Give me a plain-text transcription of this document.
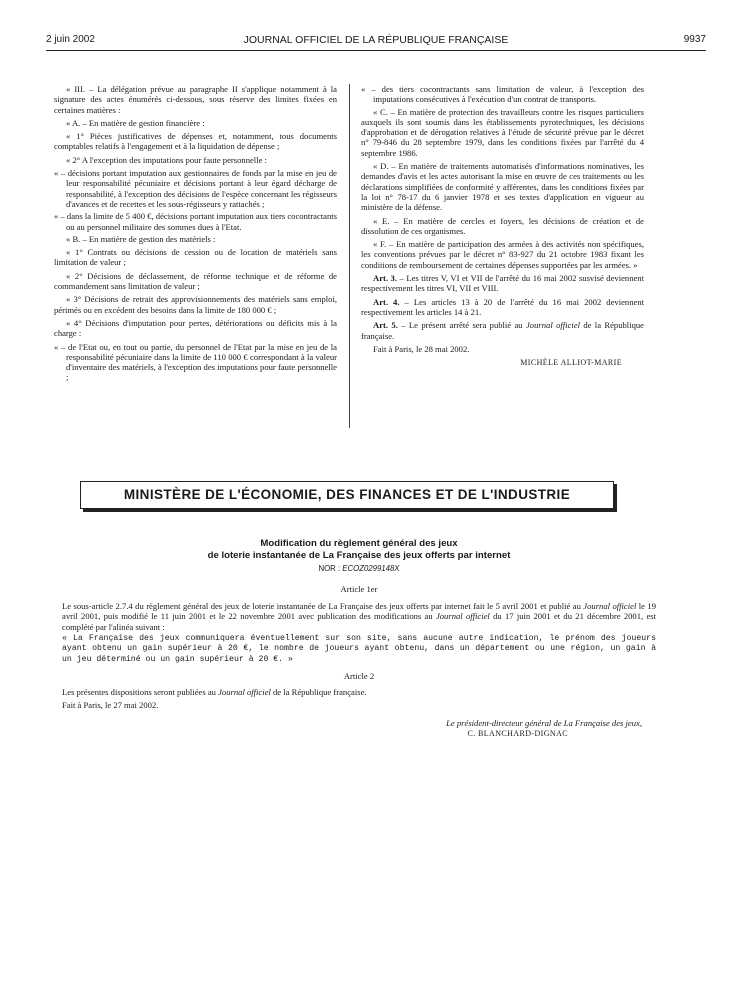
2 juin 2002	JOURNAL OFFICIEL DE LA RÉPUBLIQUE FRANÇAISE	9937

« III. – La délégation prévue au paragraphe II s'applique notamment à la signature des actes énumérés ci-dessous, sous réserve des limites fixées en certaines matières :

« A. – En matière de gestion financière :

« 1° Pièces justificatives de dépenses et, notamment, tous documents comptables relatifs à l'engagement et à la liquidation de dépense ;

« 2° A l'exception des imputations pour faute personnelle :

« – décisions portant imputation aux gestionnaires de fonds par la mise en jeu de leur responsabilité pécuniaire et décisions portant à leur égard décharge de responsabilité, à l'exception des décisions de l'espèce concernant les régisseurs d'avances et de recettes et les sous-régisseurs y rattachés ;

« – dans la limite de 5 400 €, décisions portant imputation aux tiers cocontractants ou au personnel militaire des sommes dues à l'Etat.

« B. – En matière de gestion des matériels :

« 1° Contrats ou décisions de cession ou de location de matériels sans limitation de valeur ;

« 2° Décisions de déclassement, de réforme technique et de réforme de commandement sans limitation de valeur ;

« 3° Décisions de retrait des approvisionnements des matériels sans emploi, périmés ou en excédent des besoins dans la limite de 180 000 € ;

« 4° Décisions d'imputation pour pertes, détériorations ou déficits mis à la charge :

« – de l'Etat ou, en tout ou partie, du personnel de l'Etat par la mise en jeu de la responsabilité pécuniaire dans la limite de 110 000 € correspondant à la valeur d'inventaire des matériels, à l'exception des imputations pour faute personnelle ;

« – des tiers cocontractants sans limitation de valeur, à l'exception des imputations consécutives à l'exécution d'un contrat de transports.

« C. – En matière de protection des travailleurs contre les risques particuliers auxquels ils sont soumis dans les établissements pyrotechniques, les décisions d'approbation et de dérogation relatives à l'étude de sécurité prévue par le décret n° 79-846 du 28 septembre 1979, dans les conditions fixées par l'arrêté du 4 septembre 1986.

« D. – En matière de traitements automatisés d'informations nominatives, les demandes d'avis et les actes autorisant la mise en œuvre de ces traitements ou les déclarations simplifiées de conformité y afférentes, dans les conditions fixées par la loi n° 78-17 du 6 janvier 1978 et ses textes d'application en vigueur au ministère de la défense.

« E. – En matière de cercles et foyers, les décisions de création et de dissolution de ces organismes.

« F. – En matière de participation des armées à des activités non spécifiques, les conventions prévues par le décret n° 83-927 du 21 octobre 1983 fixant les conditions de remboursement de certaines dépenses supportées par les armées. »

Art. 3. – Les titres V, VI et VII de l'arrêté du 16 mai 2002 susvisé deviennent respectivement les titres VI, VII et VIII.

Art. 4. – Les articles 13 à 20 de l'arrêté du 16 mai 2002 deviennent respectivement les articles 14 à 21.

Art. 5. – Le présent arrêté sera publié au Journal officiel de la République française.

Fait à Paris, le 28 mai 2002.

MICHÈLE ALLIOT-MARIE
MINISTÈRE DE L'ÉCONOMIE, DES FINANCES ET DE L'INDUSTRIE
Modification du règlement général des jeux
de loterie instantanée de La Française des jeux offerts par internet
NOR : ECOZ0299148X
Article 1er

Le sous-article 2.7.4 du règlement général des jeux de loterie instantanée de La Française des jeux offerts par internet fait le 5 avril 2001 et publié au Journal officiel le 19 avril 2001, puis modifié le 11 juin 2001 et le 22 novembre 2001 avec publication des modifications au Journal officiel du 17 juin 2001 et du 21 décembre 2001, est complété par l'alinéa suivant :

« La Française des jeux communiquera éventuellement sur son site, sans aucune autre indication, le prénom des joueurs ayant obtenu un gain supérieur à 20 €, le nombre de joueurs ayant obtenu, dans un département ou une région, un gain à un jeu déterminé ou un gain supérieur à 20 €. »

Article 2

Les présentes dispositions seront publiées au Journal officiel de la République française.

Fait à Paris, le 27 mai 2002.

Le président-directeur général de La Française des jeux,
C. BLANCHARD-DIGNAC
